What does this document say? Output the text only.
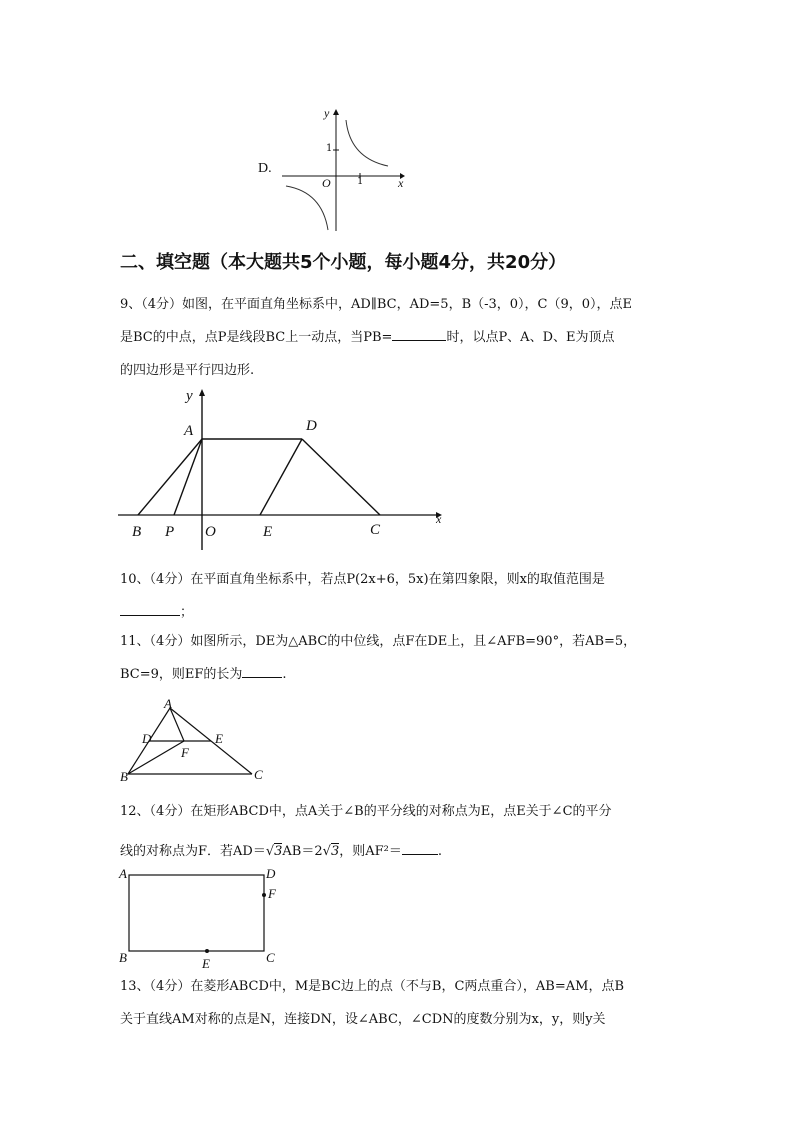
D.
y
x
O
1
1
二、填空题（本大题共5个小题，每小题4分，共20分）
9、（4分）如图，在平面直角坐标系中，AD∥BC，AD=5，B（-3，0），C（9，0），点E
是BC的中点，点P是线段BC上一动点，当PB=	时，以点P、A、D、E为顶点
的四边形是平行四边形.
y
x
A	D
B P O	E	C
10、（4分）在平面直角坐标系中，若点P(2x+6，5x)在第四象限，则x的取值范围是
；
11、（4分）如图所示，DE为△ABC的中位线，点F在DE上，且∠AFB=90°，若AB=5，
BC=9，则EF的长为	.
A
D	E
F
B	C
12、（4分）在矩形ABCD中，点A关于∠B的平分线的对称点为E，点E关于∠C的平分
线的对称点为F．若AD＝√3AB＝2√3，则AF²＝	.
A	D
F
B	E	C
13、（4分）在菱形ABCD中，M是BC边上的点（不与B，C两点重合），AB=AM，点B
关于直线AM对称的点是N，连接DN，设∠ABC，∠CDN的度数分别为x，y，则y关
